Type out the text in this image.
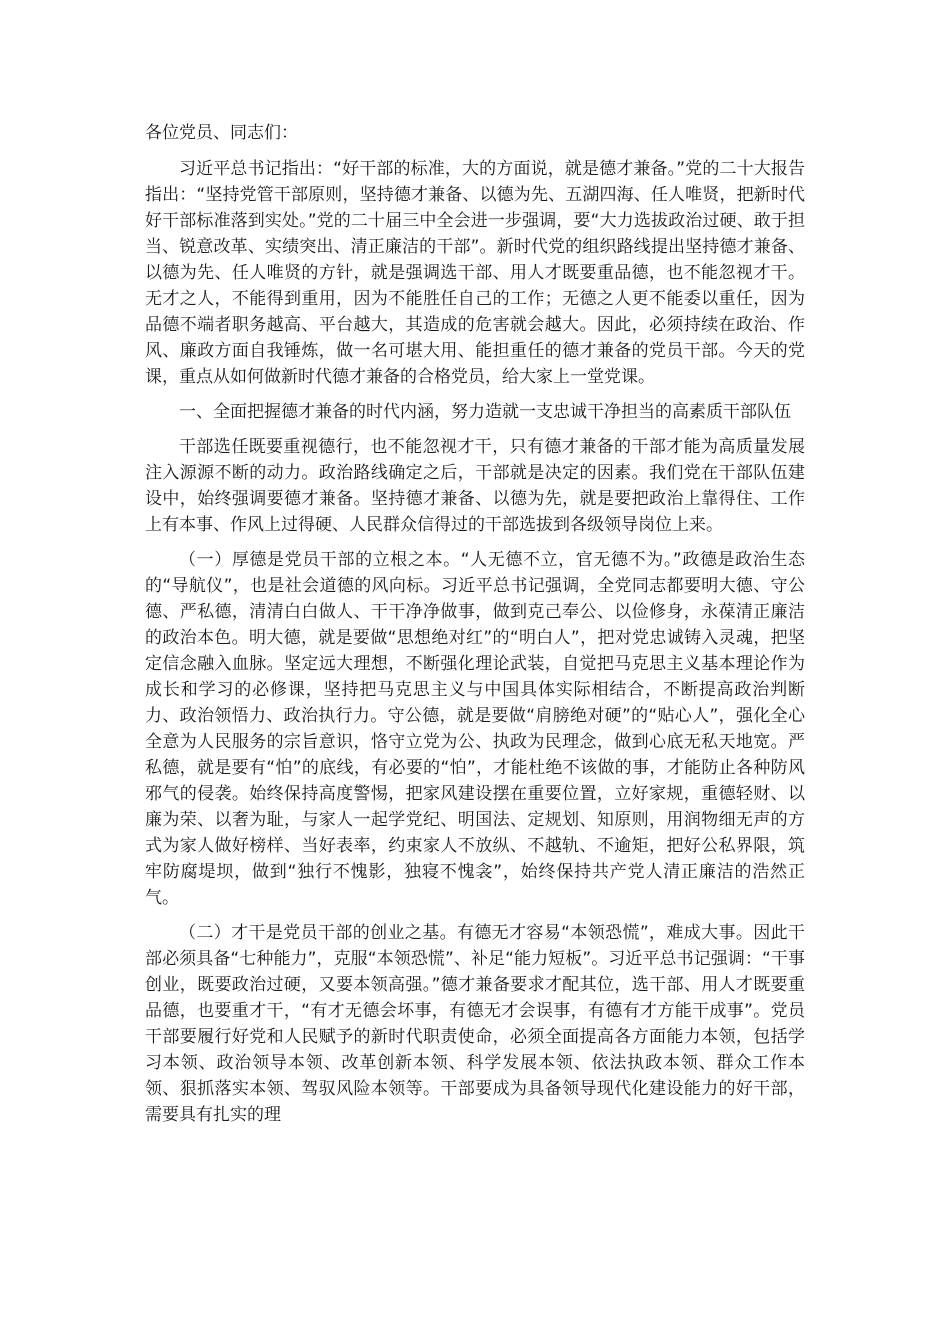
各位党员、同志们：

习近平总书记指出：“好干部的标准，大的方面说，就是德才兼备。”党的二十大报告指出：“坚持党管干部原则，坚持德才兼备、以德为先、五湖四海、任人唯贤，把新时代好干部标准落到实处。”党的二十届三中全会进一步强调，要“大力选拔政治过硬、敢于担当、锐意改革、实绩突出、清正廉洁的干部”。新时代党的组织路线提出坚持德才兼备、以德为先、任人唯贤的方针，就是强调选干部、用人才既要重品德，也不能忽视才干。无才之人，不能得到重用，因为不能胜任自己的工作；无德之人更不能委以重任，因为品德不端者职务越高、平台越大，其造成的危害就会越大。因此，必须持续在政治、作风、廉政方面自我锤炼，做一名可堪大用、能担重任的德才兼备的党员干部。今天的党课，重点从如何做新时代德才兼备的合格党员，给大家上一堂党课。

一、全面把握德才兼备的时代内涵，努力造就一支忠诚干净担当的高素质干部队伍

干部选任既要重视德行，也不能忽视才干，只有德才兼备的干部才能为高质量发展注入源源不断的动力。政治路线确定之后，干部就是决定的因素。我们党在干部队伍建设中，始终强调要德才兼备。坚持德才兼备、以德为先，就是要把政治上靠得住、工作上有本事、作风上过得硬、人民群众信得过的干部选拔到各级领导岗位上来。

（一）厚德是党员干部的立根之本。“人无德不立，官无德不为。”政德是政治生态的“导航仪”，也是社会道德的风向标。习近平总书记强调，全党同志都要明大德、守公德、严私德，清清白白做人、干干净净做事，做到克己奉公、以俭修身，永葆清正廉洁的政治本色。明大德，就是要做“思想绝对红”的“明白人”，把对党忠诚铸入灵魂，把坚定信念融入血脉。坚定远大理想，不断强化理论武装，自觉把马克思主义基本理论作为成长和学习的必修课，坚持把马克思主义与中国具体实际相结合，不断提高政治判断力、政治领悟力、政治执行力。守公德，就是要做“肩膀绝对硬”的“贴心人”，强化全心全意为人民服务的宗旨意识，恪守立党为公、执政为民理念，做到心底无私天地宽。严私德，就是要有“怕”的底线，有必要的“怕”，才能杜绝不该做的事，才能防止各种防风邪气的侵袭。始终保持高度警惕，把家风建设摆在重要位置，立好家规，重德轻财、以廉为荣、以奢为耻，与家人一起学党纪、明国法、定规划、知原则，用润物细无声的方式为家人做好榜样、当好表率，约束家人不放纵、不越轨、不逾矩，把好公私界限，筑牢防腐堤坝，做到“独行不愧影，独寝不愧衾”，始终保持共产党人清正廉洁的浩然正气。

（二）才干是党员干部的创业之基。有德无才容易“本领恐慌”，难成大事。因此干部必须具备“七种能力”，克服“本领恐慌”、补足“能力短板”。习近平总书记强调：“干事创业，既要政治过硬，又要本领高强。”德才兼备要求才配其位，选干部、用人才既要重品德，也要重才干，“有才无德会坏事，有德无才会误事，有德有才方能干成事”。党员干部要履行好党和人民赋予的新时代职责使命，必须全面提高各方面能力本领，包括学习本领、政治领导本领、改革创新本领、科学发展本领、依法执政本领、群众工作本领、狠抓落实本领、驾驭风险本领等。干部要成为具备领导现代化建设能力的好干部，需要具有扎实的理
